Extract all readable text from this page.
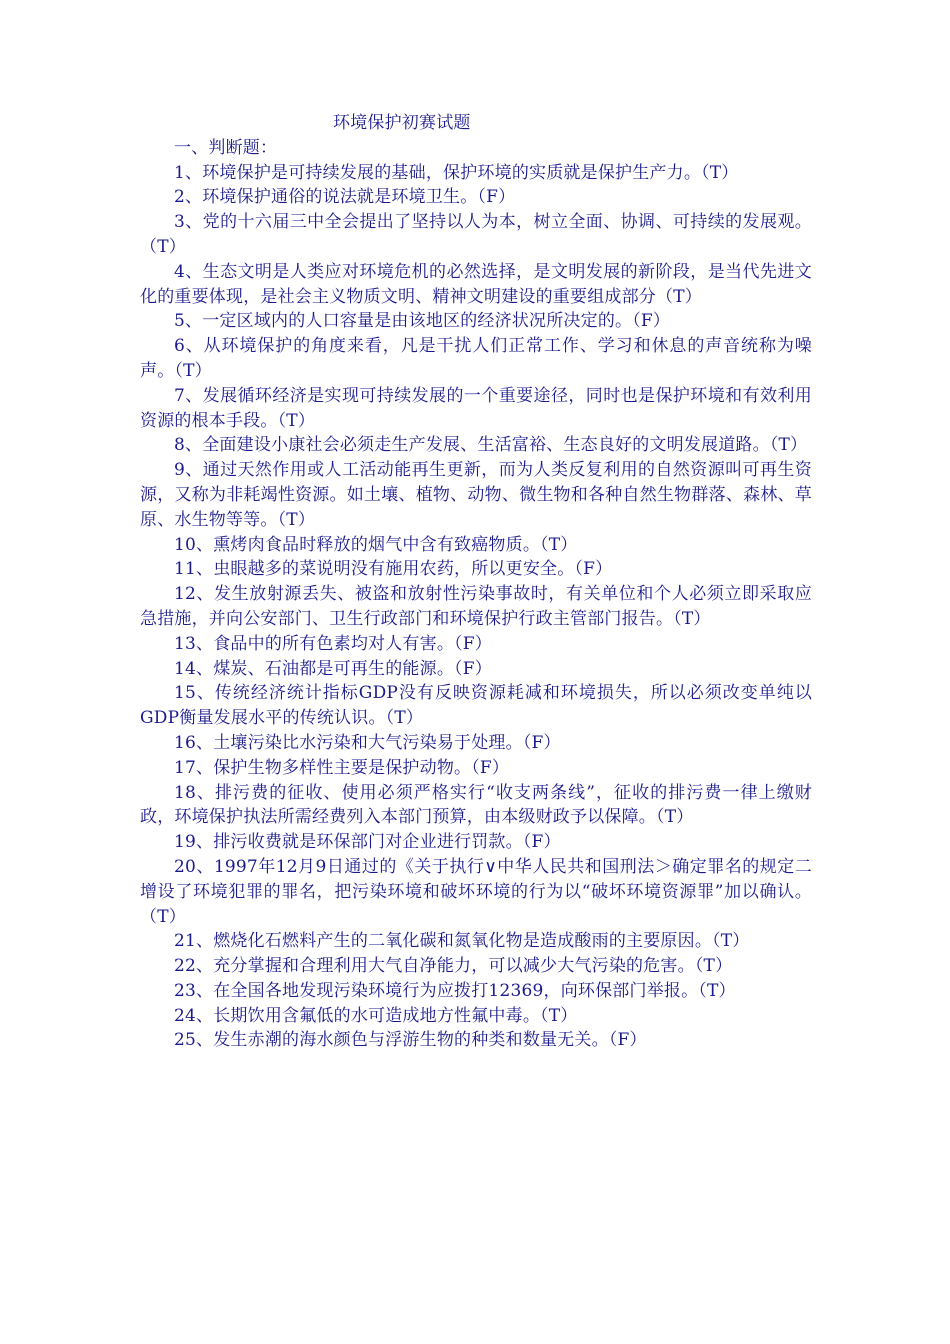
环境保护初赛试题

一、判断题：

1、环境保护是可持续发展的基础，保护环境的实质就是保护生产力。（T）

2、环境保护通俗的说法就是环境卫生。（F）

3、党的十六届三中全会提出了坚持以人为本，树立全面、协调、可持续的发展观。（T）

4、生态文明是人类应对环境危机的必然选择，是文明发展的新阶段，是当代先进文化的重要体现，是社会主义物质文明、精神文明建设的重要组成部分（T）

5、一定区域内的人口容量是由该地区的经济状况所决定的。（F）

6、从环境保护的角度来看，凡是干扰人们正常工作、学习和休息的声音统称为噪声。（T）

7、发展循环经济是实现可持续发展的一个重要途径，同时也是保护环境和有效利用资源的根本手段。（T）

8、全面建设小康社会必须走生产发展、生活富裕、生态良好的文明发展道路。（T）

9、通过天然作用或人工活动能再生更新，而为人类反复利用的自然资源叫可再生资源，又称为非耗竭性资源。如土壤、植物、动物、微生物和各种自然生物群落、森林、草原、水生物等等。（T）

10、熏烤肉食品时释放的烟气中含有致癌物质。（T）

11、虫眼越多的菜说明没有施用农药，所以更安全。（F）

12、发生放射源丢失、被盗和放射性污染事故时，有关单位和个人必须立即采取应急措施，并向公安部门、卫生行政部门和环境保护行政主管部门报告。（T）

13、食品中的所有色素均对人有害。（F）

14、煤炭、石油都是可再生的能源。（F）

15、传统经济统计指标GDP没有反映资源耗减和环境损失，所以必须改变单纯以GDP衡量发展水平的传统认识。（T）

16、土壤污染比水污染和大气污染易于处理。（F）

17、保护生物多样性主要是保护动物。（F）

18、排污费的征收、使用必须严格实行“收支两条线”，征收的排污费一律上缴财政，环境保护执法所需经费列入本部门预算，由本级财政予以保障。（T）

19、排污收费就是环保部门对企业进行罚款。（F）

20、1997年12月9日通过的《关于执行∨中华人民共和国刑法＞确定罪名的规定二增设了环境犯罪的罪名，把污染环境和破坏环境的行为以“破坏环境资源罪”加以确认。（T）

21、燃烧化石燃料产生的二氧化碳和氮氧化物是造成酸雨的主要原因。（T）

22、充分掌握和合理利用大气自净能力，可以减少大气污染的危害。（T）

23、在全国各地发现污染环境行为应拨打12369，向环保部门举报。（T）

24、长期饮用含氟低的水可造成地方性氟中毒。（T）

25、发生赤潮的海水颜色与浮游生物的种类和数量无关。（F）
